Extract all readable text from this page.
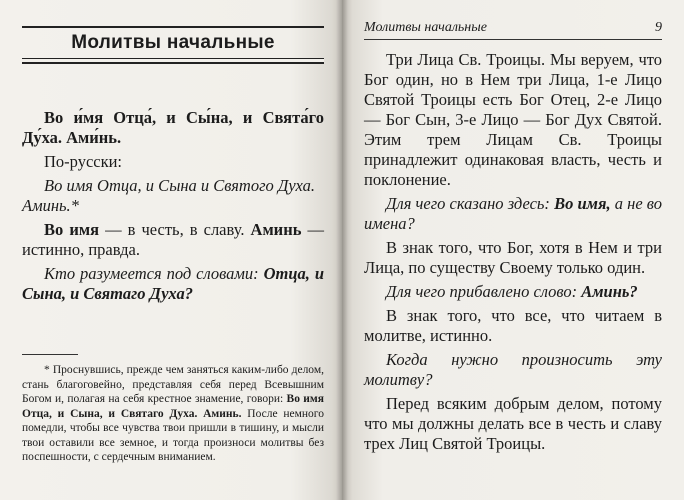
Молитвы начальные

Во и́мя Отца́, и Сы́на, и Свята́го Ду́ха. Ами́нь.

По-русски:

Во имя Отца, и Сына и Святого Духа. Аминь.*

Во имя — в честь, в славу. Аминь — истинно, правда.

Кто разумеется под словами: Отца, и Сына, и Святаго Духа?

* Проснувшись, прежде чем заняться каким-либо делом, стань благоговейно, представляя себя перед Всевышним Богом и, полагая на себя крестное знамение, говори: Во имя Отца, и Сына, и Святаго Духа. Аминь. После немного помедли, чтобы все чувства твои пришли в тишину, и мысли твои оставили все земное, и тогда произноси молитвы без поспешности, с сердечным вниманием.

Молитвы начальные	9

Три Лица Св. Троицы. Мы веруем, что Бог один, но в Нем три Лица, 1-е Лицо Святой Троицы есть Бог Отец, 2-е Лицо — Бог Сын, 3-е Лицо — Бог Дух Святой. Этим трем Лицам Св. Троицы принадлежит одинаковая власть, честь и поклонение.

Для чего сказано здесь: Во имя, а не во имена?

В знак того, что Бог, хотя в Нем и три Лица, по существу Своему только один.

Для чего прибавлено слово: Аминь?

В знак того, что все, что читаем в молитве, истинно.

Когда нужно произносить эту молитву?

Перед всяким добрым делом, потому что мы должны делать все в честь и славу трех Лиц Святой Троицы.
